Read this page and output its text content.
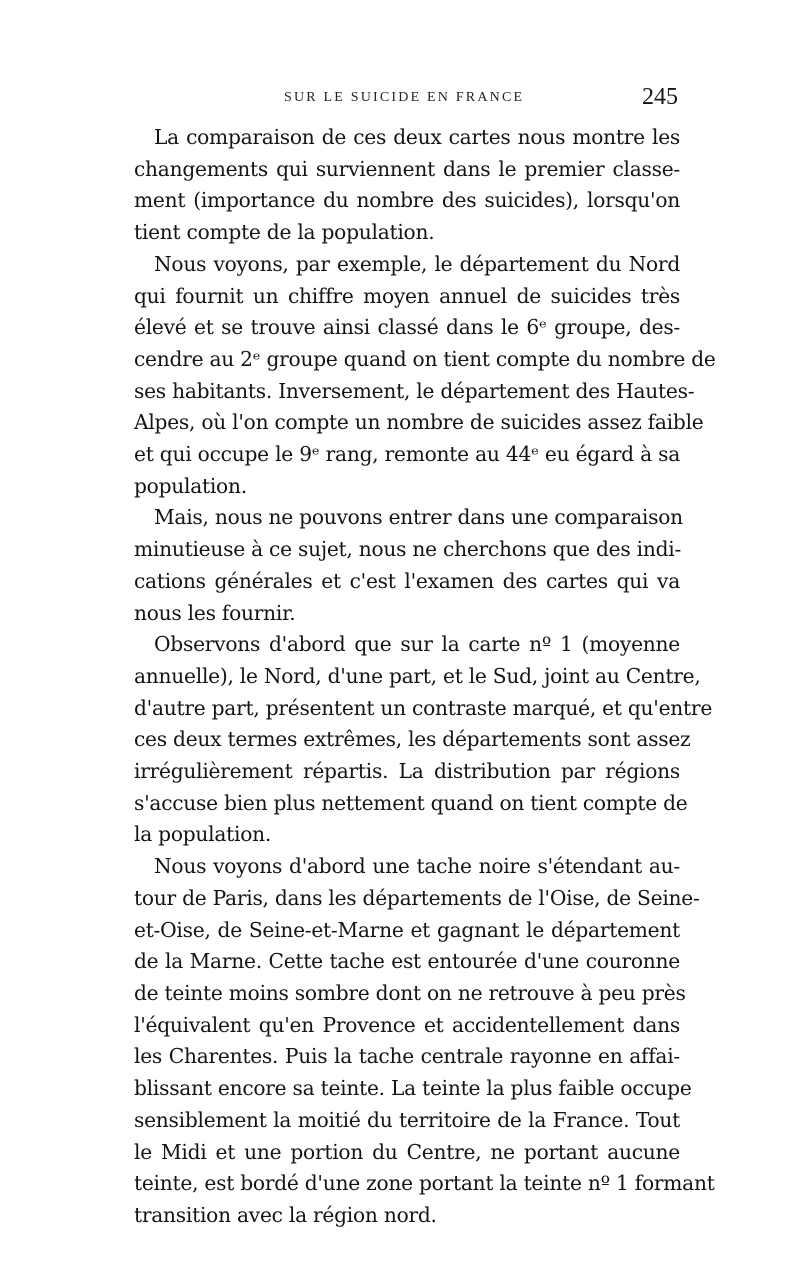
SUR LE SUICIDE EN FRANCE	245

La comparaison de ces deux cartes nous montre les
changements qui surviennent dans le premier classe-
ment (importance du nombre des suicides), lorsqu'on
tient compte de la population.

Nous voyons, par exemple, le département du Nord
qui fournit un chiffre moyen annuel de suicides très
élevé et se trouve ainsi classé dans le 6ᵉ groupe, des-
cendre au 2ᵉ groupe quand on tient compte du nombre de
ses habitants. Inversement, le département des Hautes-
Alpes, où l'on compte un nombre de suicides assez faible
et qui occupe le 9ᵉ rang, remonte au 44ᵉ eu égard à sa
population.

Mais, nous ne pouvons entrer dans une comparaison
minutieuse à ce sujet, nous ne cherchons que des indi-
cations générales et c'est l'examen des cartes qui va
nous les fournir.

Observons d'abord que sur la carte nº 1 (moyenne
annuelle), le Nord, d'une part, et le Sud, joint au Centre,
d'autre part, présentent un contraste marqué, et qu'entre
ces deux termes extrêmes, les départements sont assez
irrégulièrement répartis. La distribution par régions
s'accuse bien plus nettement quand on tient compte de
la population.

Nous voyons d'abord une tache noire s'étendant au-
tour de Paris, dans les départements de l'Oise, de Seine-
et-Oise, de Seine-et-Marne et gagnant le département
de la Marne. Cette tache est entourée d'une couronne
de teinte moins sombre dont on ne retrouve à peu près
l'équivalent qu'en Provence et accidentellement dans
les Charentes. Puis la tache centrale rayonne en affai-
blissant encore sa teinte. La teinte la plus faible occupe
sensiblement la moitié du territoire de la France. Tout
le Midi et une portion du Centre, ne portant aucune
teinte, est bordé d'une zone portant la teinte nº 1 formant
transition avec la région nord.
